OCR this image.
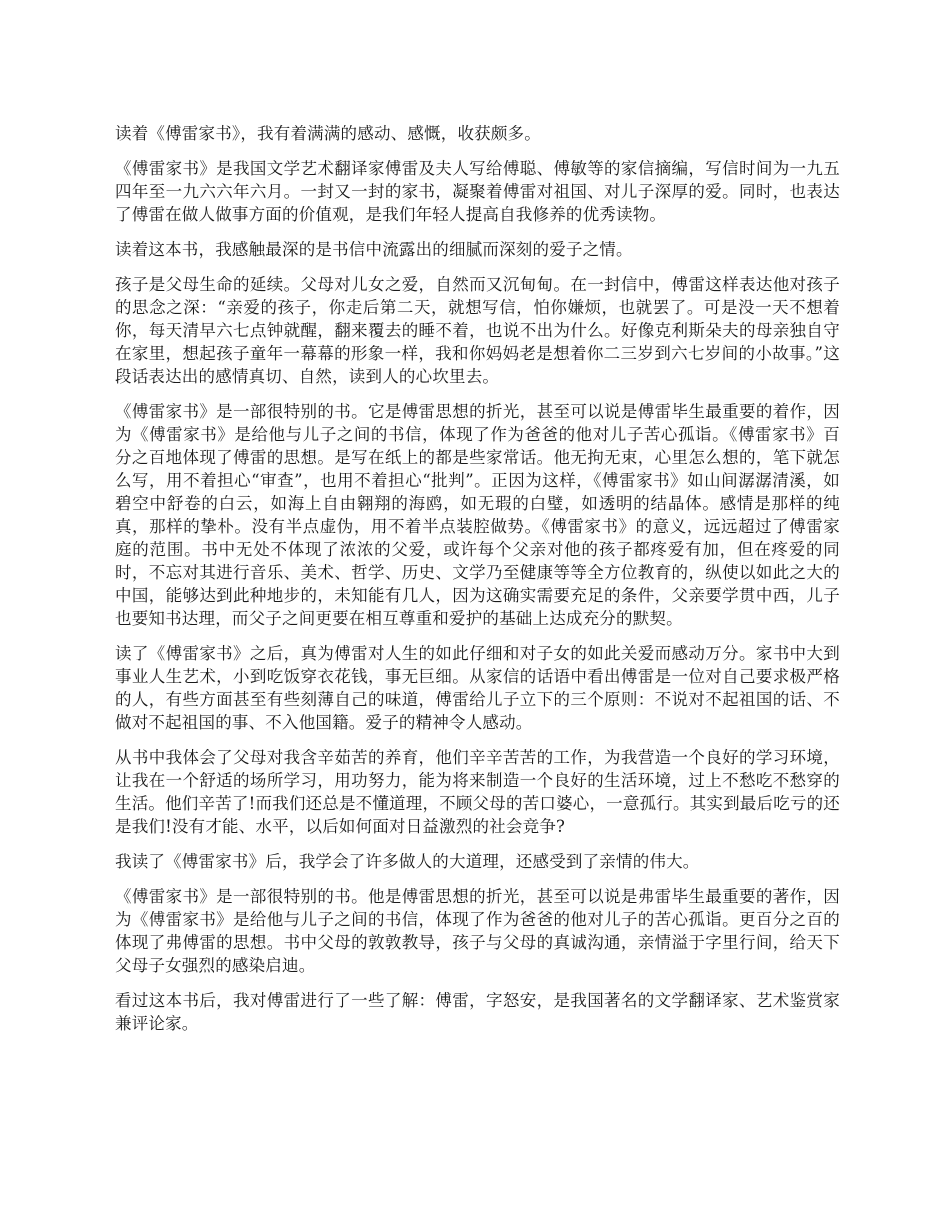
读着《傅雷家书》，我有着满满的感动、感慨，收获颇多。

《傅雷家书》是我国文学艺术翻译家傅雷及夫人写给傅聪、傅敏等的家信摘编，写信时间为一九五四年至一九六六年六月。一封又一封的家书，凝聚着傅雷对祖国、对儿子深厚的爱。同时，也表达了傅雷在做人做事方面的价值观，是我们年轻人提高自我修养的优秀读物。

读着这本书，我感触最深的是书信中流露出的细腻而深刻的爱子之情。

孩子是父母生命的延续。父母对儿女之爱，自然而又沉甸甸。在一封信中，傅雷这样表达他对孩子的思念之深：“亲爱的孩子，你走后第二天，就想写信，怕你嫌烦，也就罢了。可是没一天不想着你，每天清早六七点钟就醒，翻来覆去的睡不着，也说不出为什么。好像克利斯朵夫的母亲独自守在家里，想起孩子童年一幕幕的形象一样，我和你妈妈老是想着你二三岁到六七岁间的小故事。”这段话表达出的感情真切、自然，读到人的心坎里去。

《傅雷家书》是一部很特别的书。它是傅雷思想的折光，甚至可以说是傅雷毕生最重要的着作，因为《傅雷家书》是给他与儿子之间的书信，体现了作为爸爸的他对儿子苦心孤诣。《傅雷家书》百分之百地体现了傅雷的思想。是写在纸上的都是些家常话。他无拘无束，心里怎么想的，笔下就怎么写，用不着担心“审查”，也用不着担心“批判”。正因为这样，《傅雷家书》如山间潺潺清溪，如碧空中舒卷的白云，如海上自由翱翔的海鸥，如无瑕的白璧，如透明的结晶体。感情是那样的纯真，那样的挚朴。没有半点虚伪，用不着半点装腔做势。《傅雷家书》的意义，远远超过了傅雷家庭的范围。书中无处不体现了浓浓的父爱，或许每个父亲对他的孩子都疼爱有加，但在疼爱的同时，不忘对其进行音乐、美术、哲学、历史、文学乃至健康等等全方位教育的，纵使以如此之大的中国，能够达到此种地步的，未知能有几人，因为这确实需要充足的条件，父亲要学贯中西，儿子也要知书达理，而父子之间更要在相互尊重和爱护的基础上达成充分的默契。

读了《傅雷家书》之后，真为傅雷对人生的如此仔细和对子女的如此关爱而感动万分。家书中大到事业人生艺术，小到吃饭穿衣花钱，事无巨细。从家信的话语中看出傅雷是一位对自己要求极严格的人，有些方面甚至有些刻薄自己的味道，傅雷给儿子立下的三个原则：不说对不起祖国的话、不做对不起祖国的事、不入他国籍。爱子的精神令人感动。

从书中我体会了父母对我含辛茹苦的养育，他们辛辛苦苦的工作，为我营造一个良好的学习环境，让我在一个舒适的场所学习，用功努力，能为将来制造一个良好的生活环境，过上不愁吃不愁穿的生活。他们辛苦了!而我们还总是不懂道理，不顾父母的苦口婆心，一意孤行。其实到最后吃亏的还是我们!没有才能、水平，以后如何面对日益激烈的社会竞争?

我读了《傅雷家书》后，我学会了许多做人的大道理，还感受到了亲情的伟大。

《傅雷家书》是一部很特别的书。他是傅雷思想的折光，甚至可以说是弗雷毕生最重要的著作，因为《傅雷家书》是给他与儿子之间的书信，体现了作为爸爸的他对儿子的苦心孤诣。更百分之百的体现了弗傅雷的思想。书中父母的敦敦教导，孩子与父母的真诚沟通，亲情溢于字里行间，给天下父母子女强烈的感染启迪。

看过这本书后，我对傅雷进行了一些了解：傅雷，字怒安，是我国著名的文学翻译家、艺术鉴赏家兼评论家。
